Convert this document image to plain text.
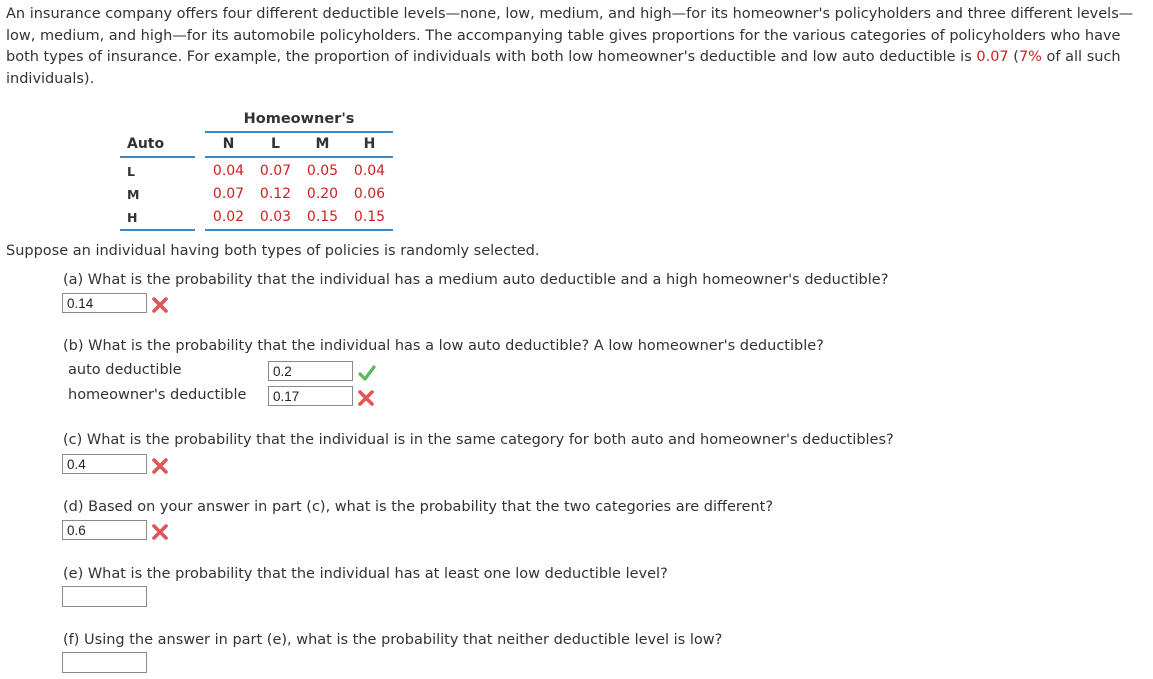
An insurance company offers four different deductible levels—none, low, medium, and high—for its homeowner's policyholders and three different levels—low, medium, and high—for its automobile policyholders. The accompanying table gives proportions for the various categories of policyholders who have both types of insurance. For example, the proportion of individuals with both low homeowner's deductible and low auto deductible is 0.07 (7% of all such individuals).

		Homeowner's			
Auto		N	L	M	H
L		0.04	0.07	0.05	0.04
M		0.07	0.12	0.20	0.06
H		0.02	0.03	0.15	0.15

Suppose an individual having both types of policies is randomly selected.

(a) What is the probability that the individual has a medium auto deductible and a high homeowner's deductible?

0.14

(b) What is the probability that the individual has a low auto deductible? A low homeowner's deductible?

auto deductible

0.2

homeowner's deductible

0.17

(c) What is the probability that the individual is in the same category for both auto and homeowner's deductibles?

0.4

(d) Based on your answer in part (c), what is the probability that the two categories are different?

0.6

(e) What is the probability that the individual has at least one low deductible level?

(f) Using the answer in part (e), what is the probability that neither deductible level is low?
